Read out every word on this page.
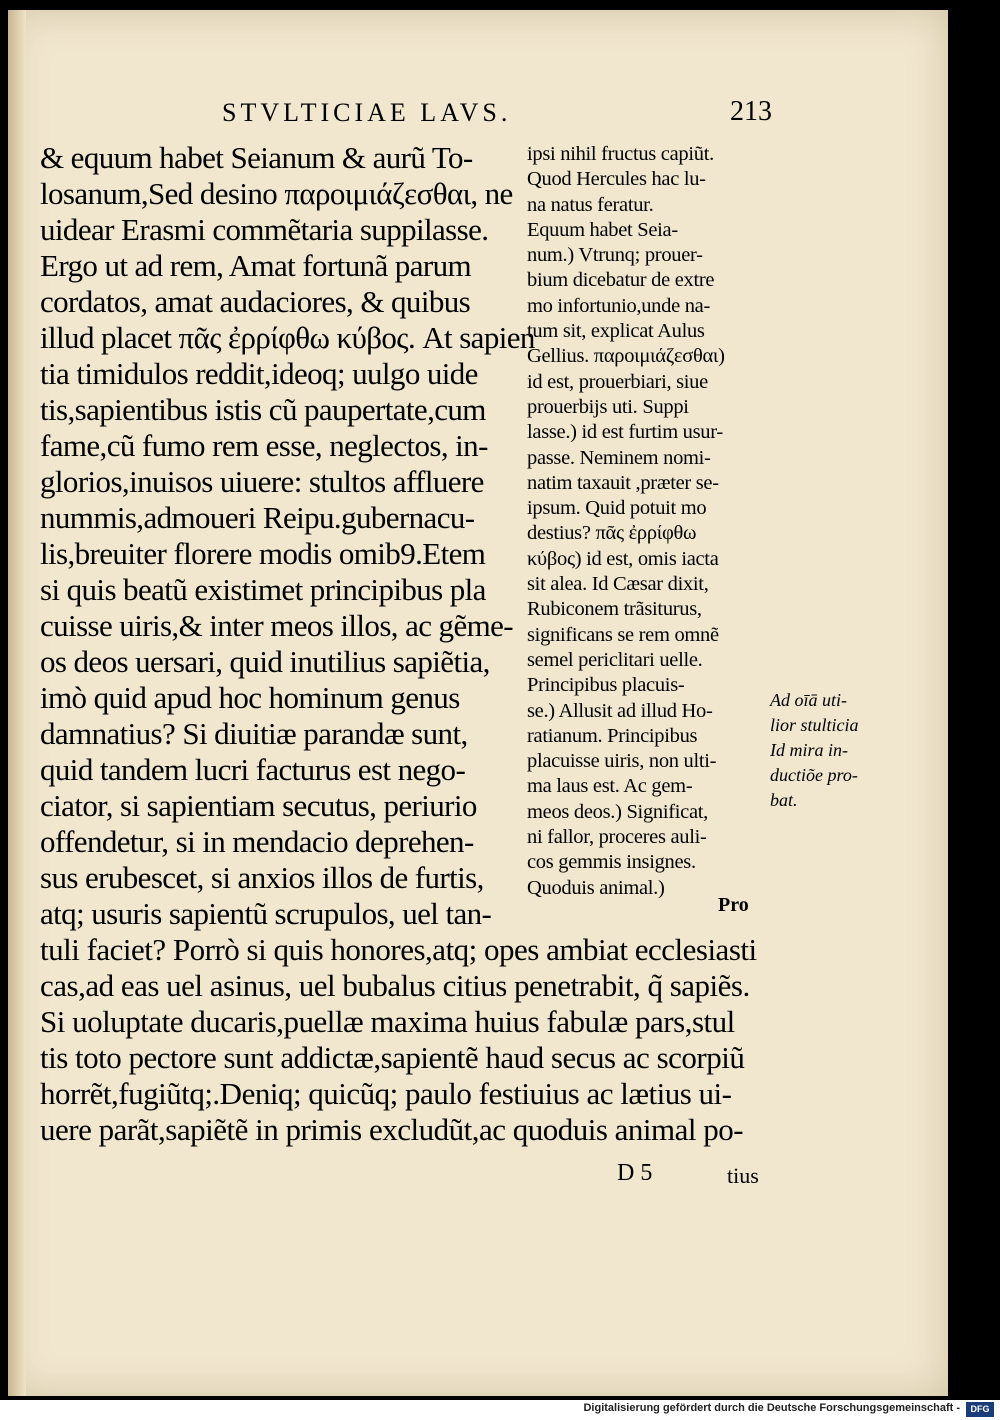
STVLTICIAE LAVS.	213
& equum habet Seianum & aurũ To-
losanum,Sed desino παροιμιάζεσθαι, ne
uidear Erasmi commẽtaria suppilasse.
Ergo ut ad rem, Amat fortunã parum
cordatos, amat audaciores, & quibus
illud placet πᾶς ἐρρίφθω κύβος. At sapien
tia timidulos reddit,ideoq; uulgo uide
tis,sapientibus istis cũ paupertate,cum
fame,cũ fumo rem esse, neglectos, in-
glorios,inuisos uiuere: stultos affluere
nummis,admoueri Reipu.gubernacu-
lis,breuiter florere modis omib9.Etem
si quis beatũ existimet principibus pla
cuisse uiris,& inter meos illos, ac gẽme-
os deos uersari, quid inutilius sapiẽtia,
imò quid apud hoc hominum genus
damnatius? Si diuitiæ parandæ sunt,
quid tandem lucri facturus est nego-
ciator, si sapientiam secutus, periurio
offendetur, si in mendacio deprehen-
sus erubescet, si anxios illos de furtis,
atq; usuris sapientũ scrupulos, uel tan-
ipsi nihil fructus capiũt.
Quod Hercules hac lu-
na natus feratur.
Equum habet Seia-
num.) Vtrunq; prouer-
bium dicebatur de extre
mo infortunio,unde na-
tum sit, explicat Aulus
Gellius. παροιμιάζεσθαι)
id est, prouerbiari, siue
prouerbijs uti. Suppi
lasse.) id est furtim usur-
passe. Neminem nomi-
natim taxauit ,præter se-
ipsum. Quid potuit mo
destius? πᾶς ἐρρίφθω
κύβος) id est, omis iacta
sit alea. Id Cæsar dixit,
Rubiconem trãsiturus,
significans se rem omnẽ
semel periclitari uelle.
Principibus placuis-
se.) Allusit ad illud Ho-
ratianum. Principibus
placuisse uiris, non ulti-
ma laus est. Ac gem-
meos deos.) Significat,
ni fallor, proceres auli-
cos gemmis insignes.
Quoduis animal.)
Ad oīā uti-
lior stulticia
Id mira in-
ductiõe pro-
bat.
Pro
tuli faciet? Porrò si quis honores,atq; opes ambiat ecclesiasti
cas,ad eas uel asinus, uel bubalus citius penetrabit, q̃ sapiẽs.
Si uoluptate ducaris,puellæ maxima huius fabulæ pars,stul
tis toto pectore sunt addictæ,sapientẽ haud secus ac scorpiũ
horrẽt,fugiũtq;.Deniq; quicũq; paulo festiuius ac lætius ui-
uere parãt,sapiẽtẽ in primis excludũt,ac quoduis animal po-
D 5	tius
Digitalisierung gefördert durch die Deutsche Forschungsgemeinschaft -	DFG
